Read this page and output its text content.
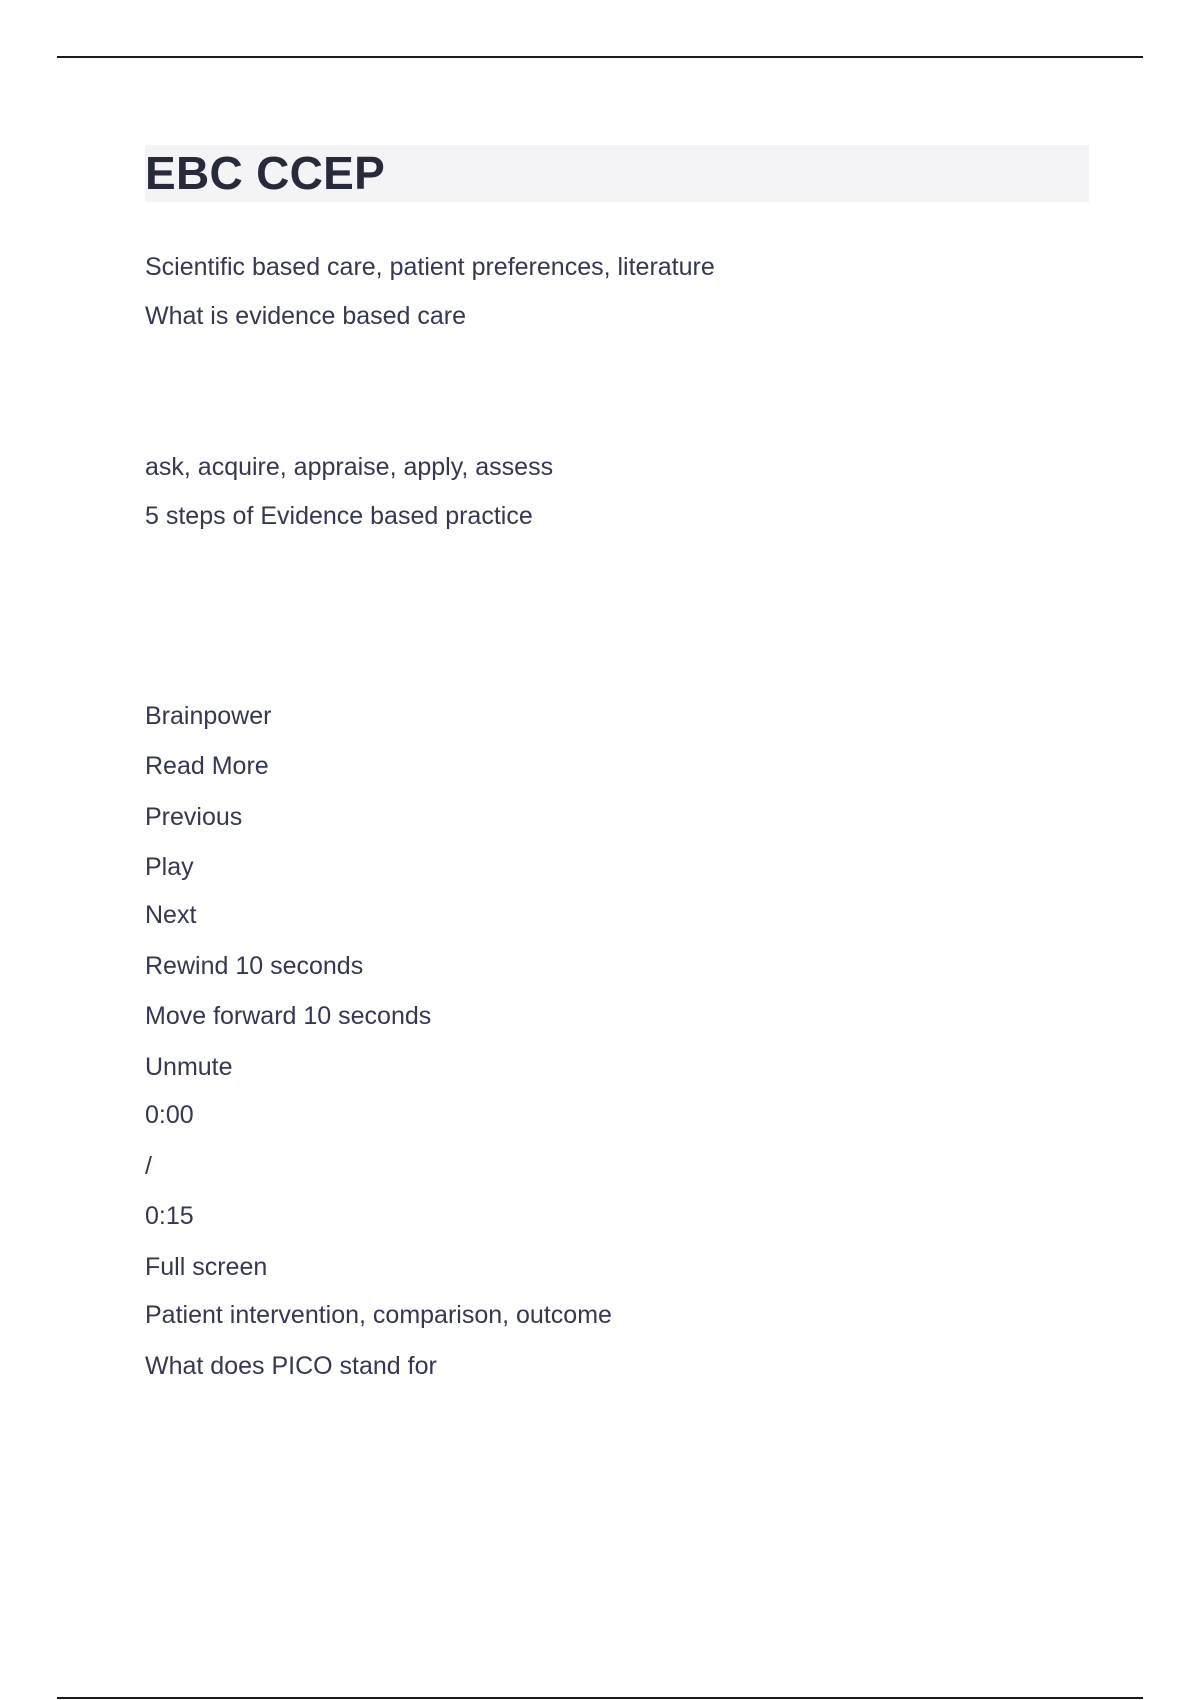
EBC CCEP

Scientific based care, patient preferences, literature

What is evidence based care

ask, acquire, appraise, apply, assess

5 steps of Evidence based practice

Brainpower

Read More

Previous

Play

Next

Rewind 10 seconds

Move forward 10 seconds

Unmute

0:00

/

0:15

Full screen

Patient intervention, comparison, outcome

What does PICO stand for
